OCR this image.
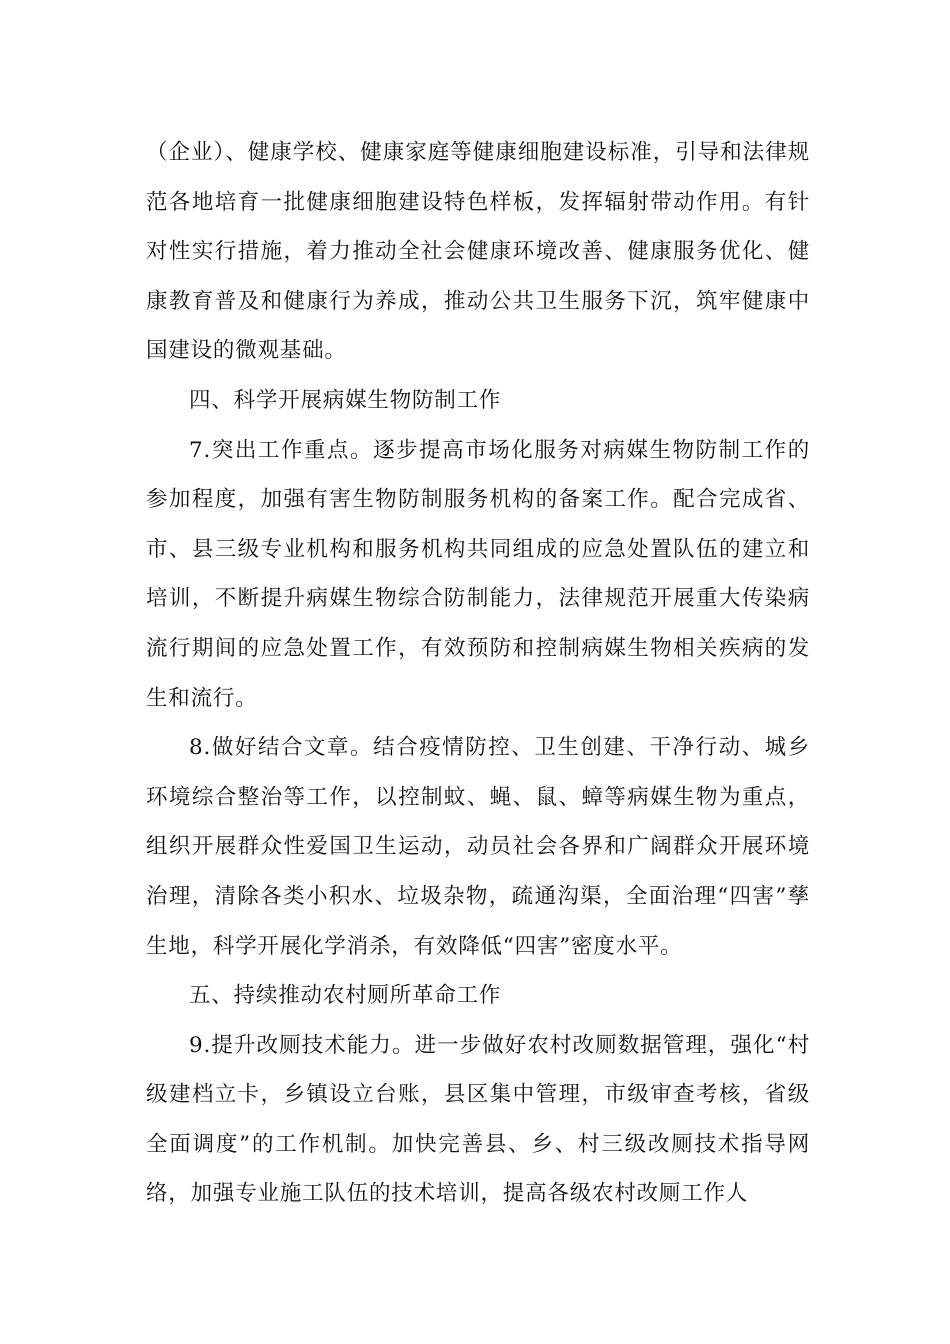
（企业）、健康学校、健康家庭等健康细胞建设标准，引导和法律规范各地培育一批健康细胞建设特色样板，发挥辐射带动作用。有针对性实行措施，着力推动全社会健康环境改善、健康服务优化、健康教育普及和健康行为养成，推动公共卫生服务下沉，筑牢健康中国建设的微观基础。

四、科学开展病媒生物防制工作

7.突出工作重点。逐步提高市场化服务对病媒生物防制工作的参加程度，加强有害生物防制服务机构的备案工作。配合完成省、市、县三级专业机构和服务机构共同组成的应急处置队伍的建立和培训，不断提升病媒生物综合防制能力，法律规范开展重大传染病流行期间的应急处置工作，有效预防和控制病媒生物相关疾病的发生和流行。

8.做好结合文章。结合疫情防控、卫生创建、干净行动、城乡环境综合整治等工作，以控制蚊、蝇、鼠、蟑等病媒生物为重点，组织开展群众性爱国卫生运动，动员社会各界和广阔群众开展环境治理，清除各类小积水、垃圾杂物，疏通沟渠，全面治理“四害”孳生地，科学开展化学消杀，有效降低“四害”密度水平。

五、持续推动农村厕所革命工作

9.提升改厕技术能力。进一步做好农村改厕数据管理，强化“村级建档立卡，乡镇设立台账，县区集中管理，市级审查考核，省级全面调度”的工作机制。加快完善县、乡、村三级改厕技术指导网络，加强专业施工队伍的技术培训，提高各级农村改厕工作人
